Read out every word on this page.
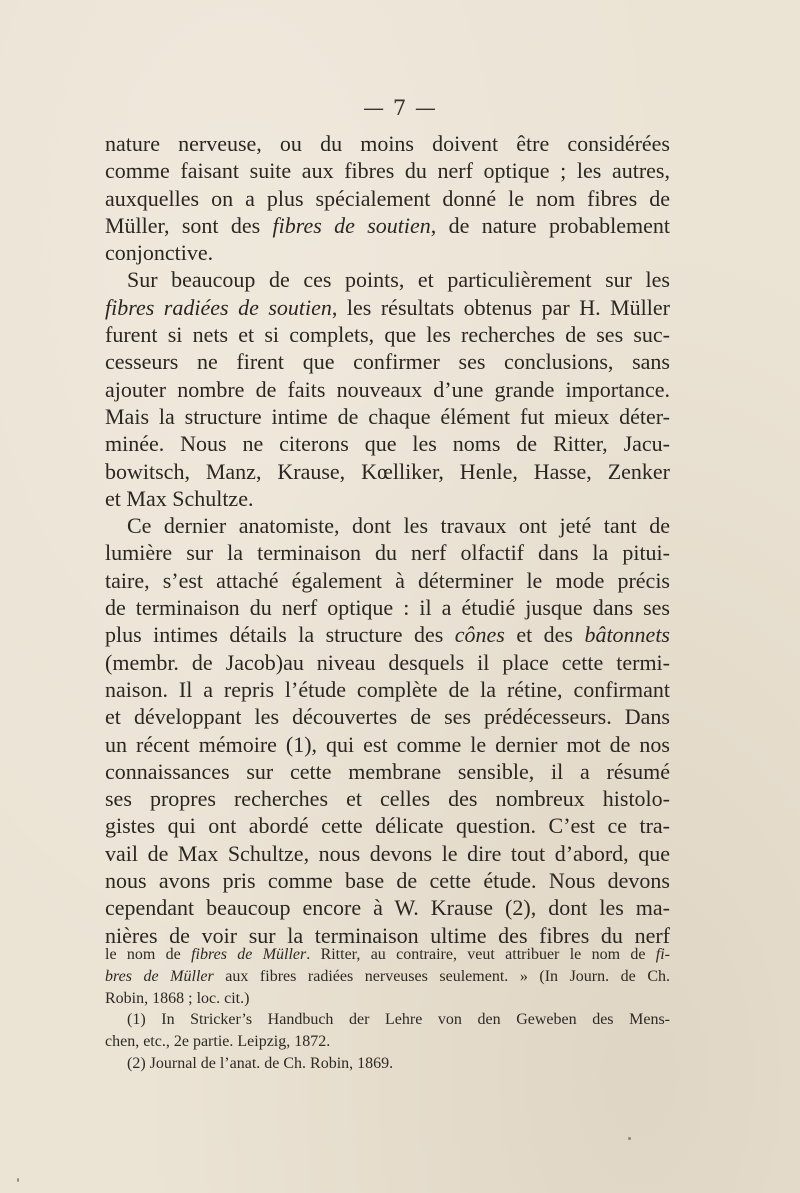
— 7 —
nature nerveuse, ou du moins doivent être considérées
comme faisant suite aux fibres du nerf optique ; les autres,
auxquelles on a plus spécialement donné le nom fibres de
Müller, sont des fibres de soutien, de nature probablement
conjonctive.
Sur beaucoup de ces points, et particulièrement sur les
fibres radiées de soutien, les résultats obtenus par H. Müller
furent si nets et si complets, que les recherches de ses suc-
cesseurs ne firent que confirmer ses conclusions, sans
ajouter nombre de faits nouveaux d’une grande importance.
Mais la structure intime de chaque élément fut mieux déter-
minée. Nous ne citerons que les noms de Ritter, Jacu-
bowitsch, Manz, Krause, Kœlliker, Henle, Hasse, Zenker
et Max Schultze.
Ce dernier anatomiste, dont les travaux ont jeté tant de
lumière sur la terminaison du nerf olfactif dans la pitui-
taire, s’est attaché également à déterminer le mode précis
de terminaison du nerf optique : il a étudié jusque dans ses
plus intimes détails la structure des cônes et des bâtonnets
(membr. de Jacob)au niveau desquels il place cette termi-
naison. Il a repris l’étude complète de la rétine, confirmant
et développant les découvertes de ses prédécesseurs. Dans
un récent mémoire (1), qui est comme le dernier mot de nos
connaissances sur cette membrane sensible, il a résumé
ses propres recherches et celles des nombreux histolo-
gistes qui ont abordé cette délicate question. C’est ce tra-
vail de Max Schultze, nous devons le dire tout d’abord, que
nous avons pris comme base de cette étude. Nous devons
cependant beaucoup encore à W. Krause (2), dont les ma-
nières de voir sur la terminaison ultime des fibres du nerf
le nom de fibres de Müller. Ritter, au contraire, veut attribuer le nom de fi-
bres de Müller aux fibres radiées nerveuses seulement. » (In Journ. de Ch.
Robin, 1868 ; loc. cit.)
(1) In Stricker’s Handbuch der Lehre von den Geweben des Mens-
chen, etc., 2e partie. Leipzig, 1872.
(2) Journal de l’anat. de Ch. Robin, 1869.
